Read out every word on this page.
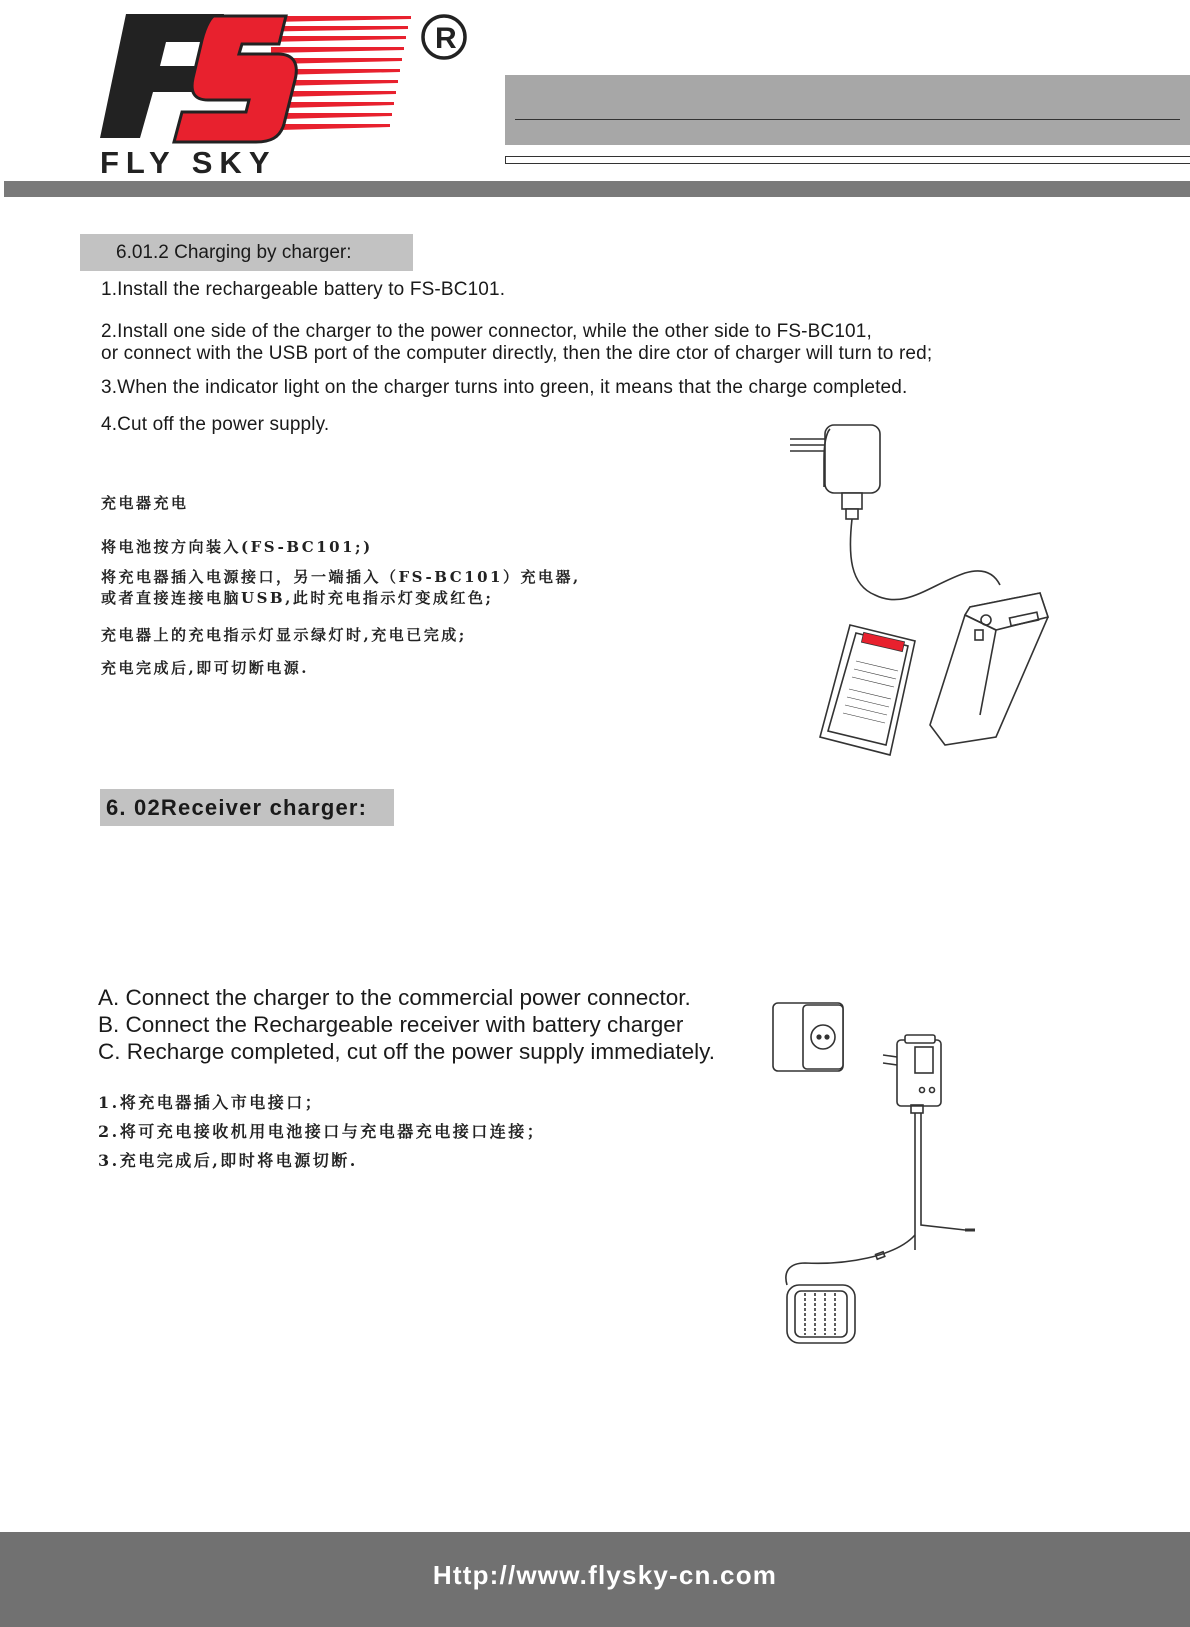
FLY SKY
R
6.01.2 Charging by charger:
1.Install the rechargeable battery to FS-BC101.
2.Install one side of the charger to the power connector, while the other side to FS-BC101,
or connect with the USB port of the computer directly, then the dire ctor of charger will turn to red;
3.When the indicator light on the charger turns into green, it means that the charge completed.
4.Cut off the power supply.
充电器充电
将电池按方向装入(FS-BC101;)
将充电器插入电源接口，另一端插入（FS-BC101）充电器,
或者直接连接电脑USB,此时充电指示灯变成红色;
充电器上的充电指示灯显示绿灯时,充电已完成;
充电完成后,即可切断电源.
6. 02Receiver charger:
A. Connect the charger to the commercial power connector.
B. Connect the Rechargeable receiver with battery charger
C. Recharge completed, cut off the power supply immediately.
1.将充电器插入市电接口；
2.将可充电接收机用电池接口与充电器充电接口连接；
3.充电完成后,即时将电源切断.
Http://www.flysky-cn.com
